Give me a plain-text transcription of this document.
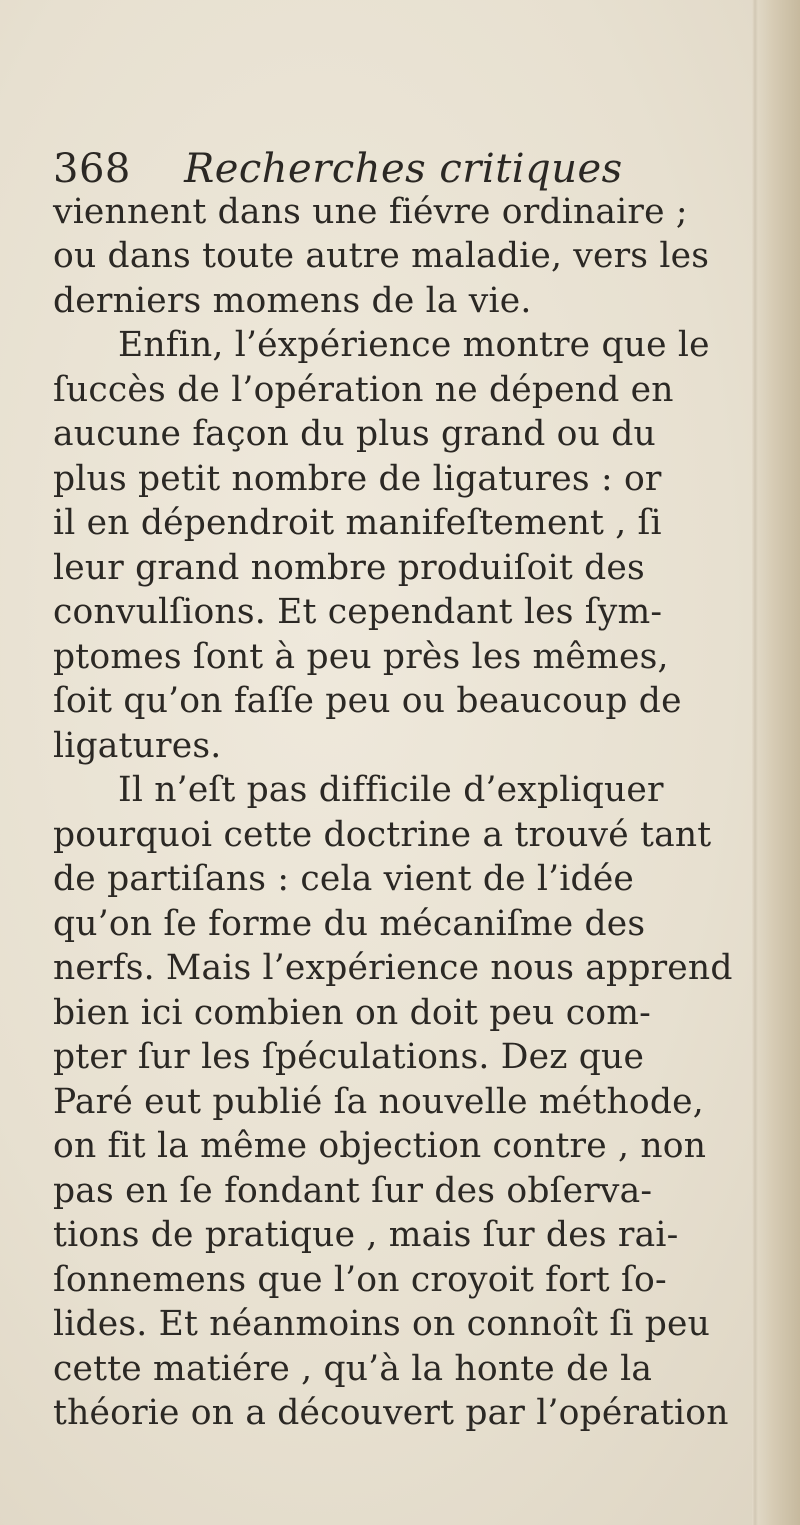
368 Recherches critiques
viennent dans une fiévre ordinaire ;
ou dans toute autre maladie, vers les
derniers momens de la vie.
Enfin, l’éxpérience montre que le
ſuccès de l’opération ne dépend en
aucune façon du plus grand ou du
plus petit nombre de ligatures : or
il en dépendroit manifeſtement , ſi
leur grand nombre produiſoit des
convulſions. Et cependant les ſym-
ptomes ſont à peu près les mêmes,
ſoit qu’on faſſe peu ou beaucoup de
ligatures.
Il n’eſt pas difficile d’expliquer
pourquoi cette doctrine a trouvé tant
de partiſans : cela vient de l’idée
qu’on ſe forme du mécaniſme des
nerfs. Mais l’expérience nous apprend
bien ici combien on doit peu com-
pter ſur les ſpéculations. Dez que
Paré eut publié ſa nouvelle méthode,
on fit la même objection contre , non
pas en ſe fondant ſur des obſerva-
tions de pratique , mais ſur des rai-
ſonnemens que l’on croyoit fort ſo-
lides. Et néanmoins on connoît ſi peu
cette matiére , qu’à la honte de la
théorie on a découvert par l’opération
